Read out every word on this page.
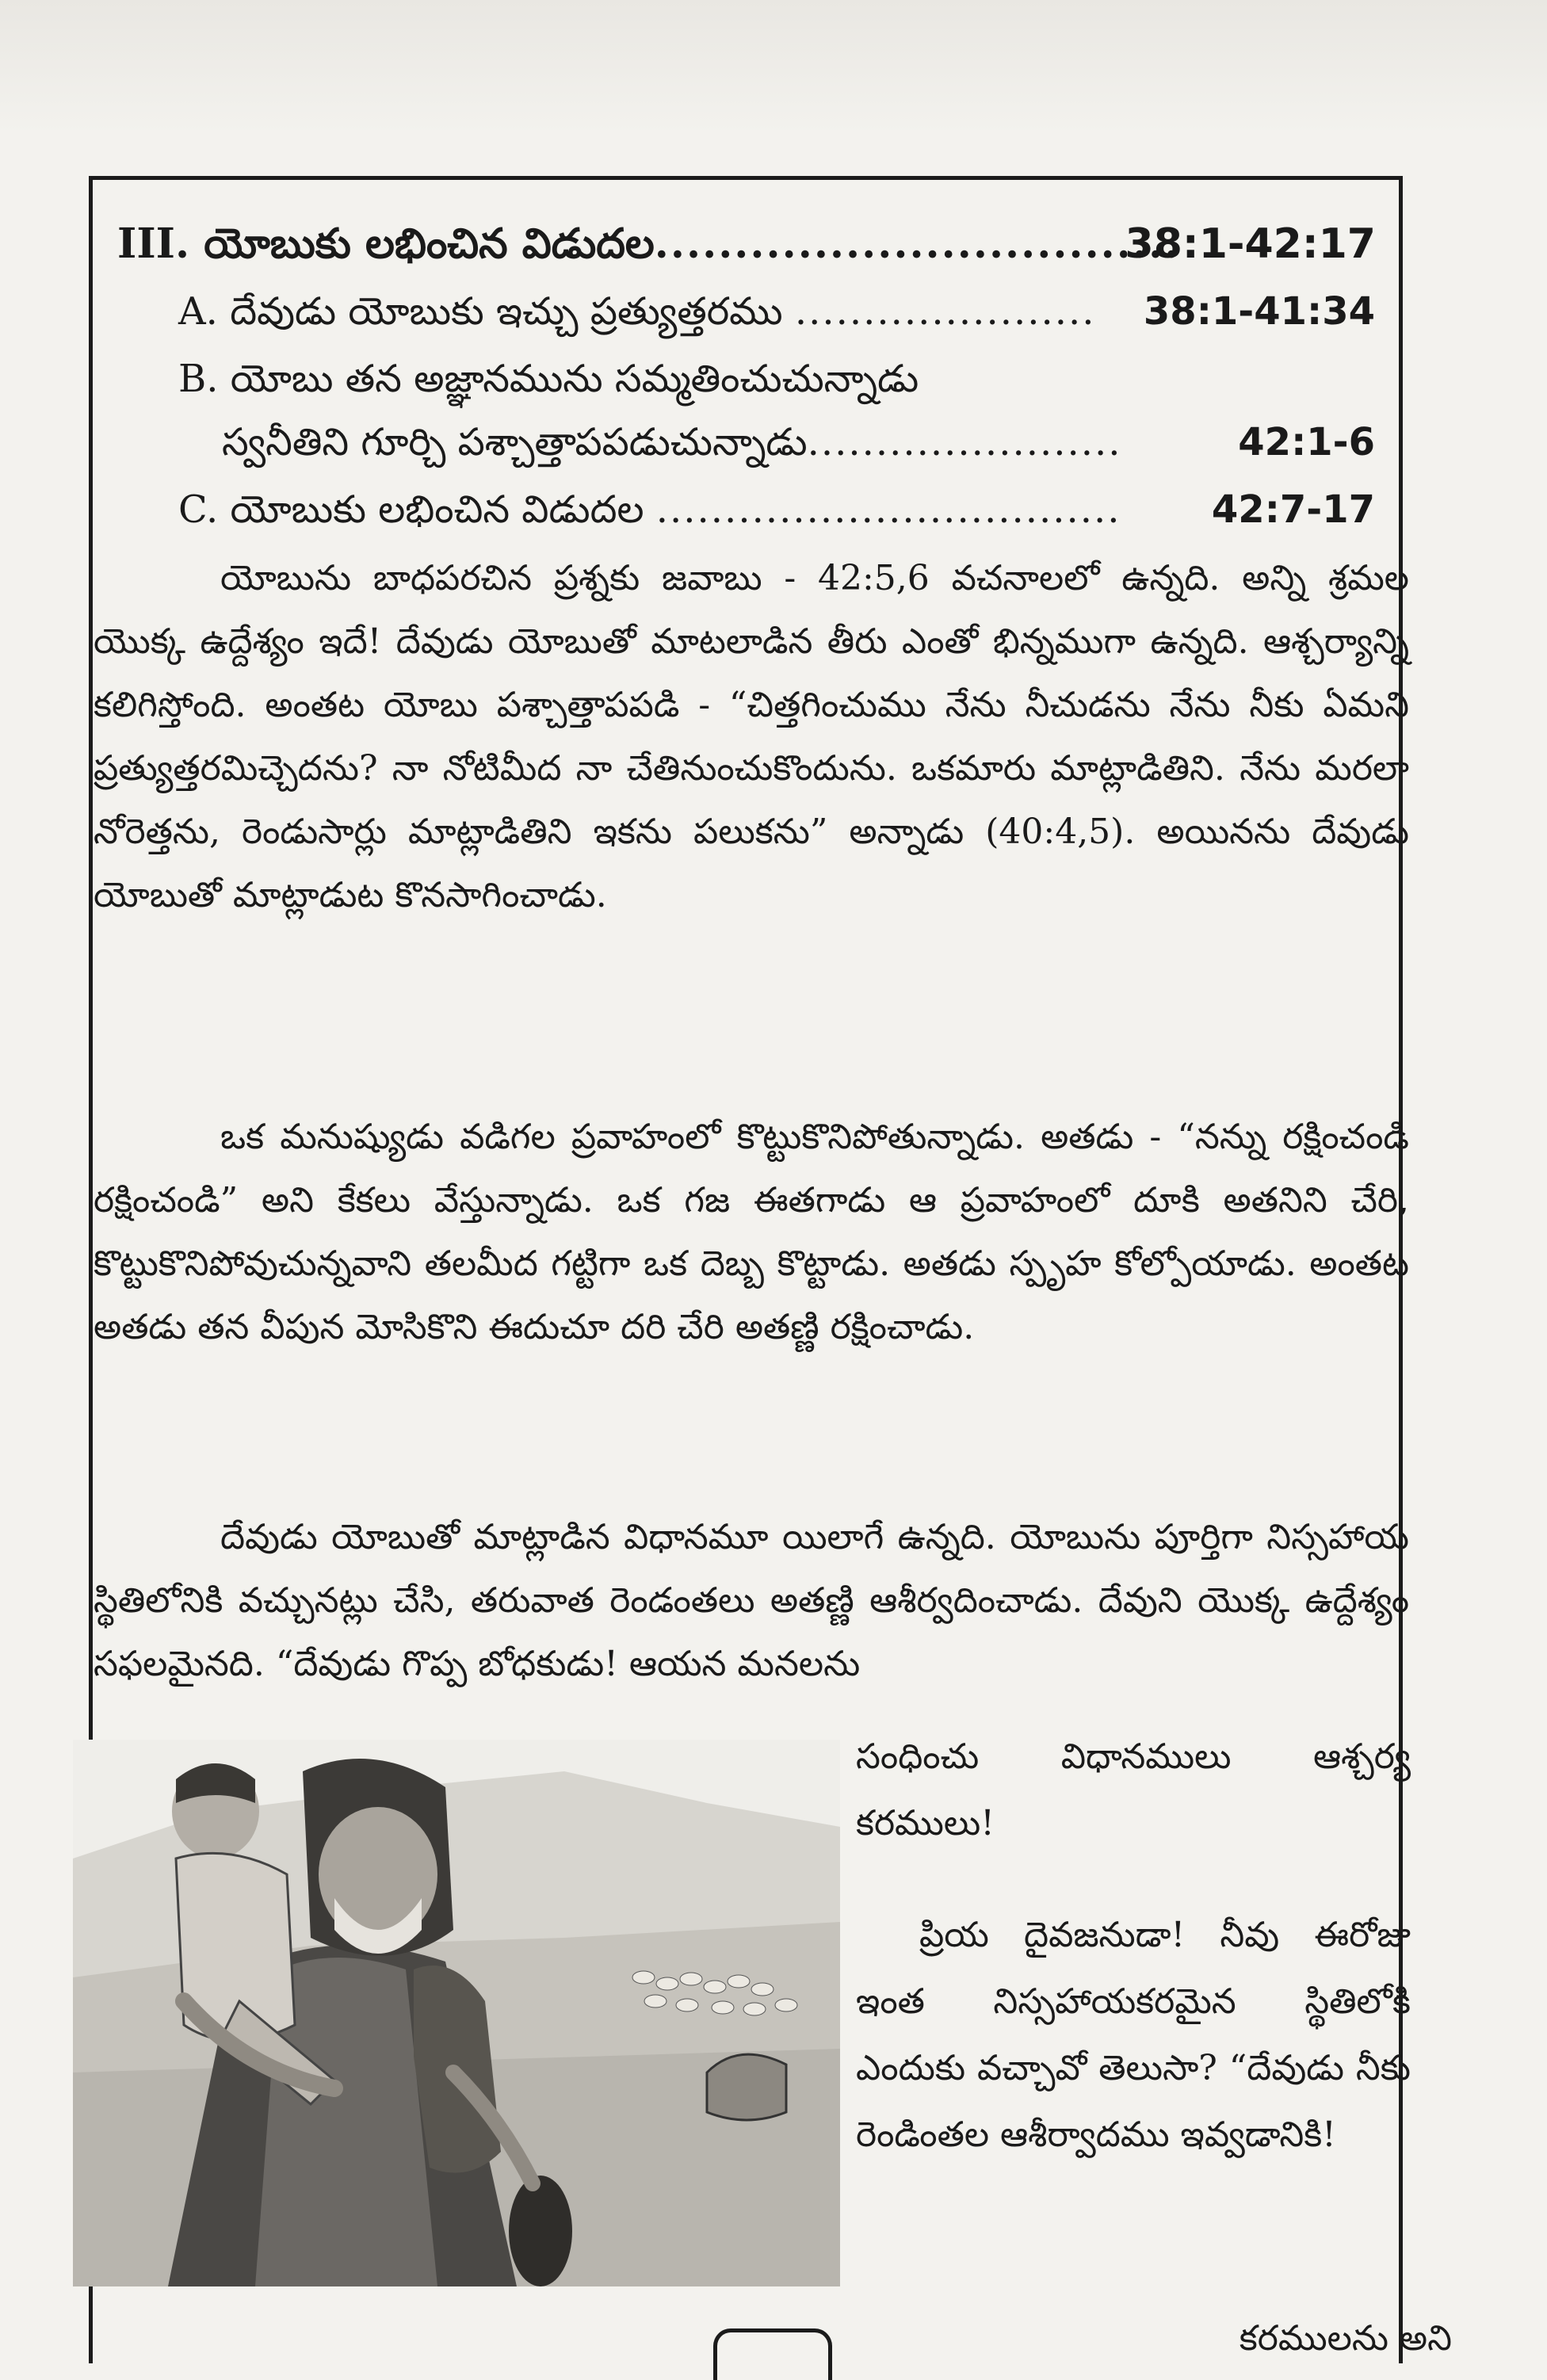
III. యోబుకు లభించిన విడుదల.................................
38:1-42:17
A. దేవుడు యోబుకు ఇచ్చు ప్రత్యుత్తరము ...................... 38:1-41:34
B. యోబు తన అజ్ఞానమును సమ్మతించుచున్నాడు
స్వనీతిని గూర్చి పశ్చాత్తాపపడుచున్నాడు.......................	42:1-6
C. యోబుకు లభించిన విడుదల .................................. 42:7-17
యోబును బాధపరచిన ప్రశ్నకు జవాబు - 42:5,6 వచనాలలో ఉన్నది. అన్ని శ్రమల యొక్క ఉద్దేశ్యం ఇదే! దేవుడు యోబుతో మాటలాడిన తీరు ఎంతో భిన్నముగా ఉన్నది. ఆశ్చర్యాన్ని కలిగిస్తోంది. అంతట యోబు పశ్చాత్తాపపడి - “చిత్తగించుము నేను నీచుడను నేను నీకు ఏమని ప్రత్యుత్తరమిచ్చెదను? నా నోటిమీద నా చేతినుంచుకొందును. ఒకమారు మాట్లాడితిని. నేను మరలా నోరెత్తను, రెండుసార్లు మాట్లాడితిని ఇకను పలుకను” అన్నాడు (40:4,5). అయినను దేవుడు యోబుతో మాట్లాడుట కొనసాగించాడు.
ఒక మనుష్యుడు వడిగల ప్రవాహంలో కొట్టుకొనిపోతున్నాడు. అతడు - “నన్ను రక్షించండి రక్షించండి” అని కేకలు వేస్తున్నాడు. ఒక గజ ఈతగాడు ఆ ప్రవాహంలో దూకి అతనిని చేరి, కొట్టుకొనిపోవుచున్నవాని తలమీద గట్టిగా ఒక దెబ్బ కొట్టాడు. అతడు స్పృహ కోల్పోయాడు. అంతట అతడు తన వీపున మోసికొని ఈదుచూ దరి చేరి అతణ్ణి రక్షించాడు.
దేవుడు యోబుతో మాట్లాడిన విధానమూ యిలాగే ఉన్నది. యోబును పూర్తిగా నిస్సహాయ స్థితిలోనికి వచ్చునట్లు చేసి, తరువాత రెండంతలు అతణ్ణి ఆశీర్వదించాడు. దేవుని యొక్క ఉద్దేశ్యం సఫలమైనది. “దేవుడు గొప్ప బోధకుడు! ఆయన మనలను
సంధించు విధానములు ఆశ్చర్య కరములు!
ప్రియ దైవజనుడా! నీవు ఈరోజు ఇంత నిస్సహాయకరమైన స్థితిలోకి ఎందుకు వచ్చావో తెలుసా? “దేవుడు నీకు రెండింతల ఆశీర్వాదము ఇవ్వడానికి!
కరములను అని
